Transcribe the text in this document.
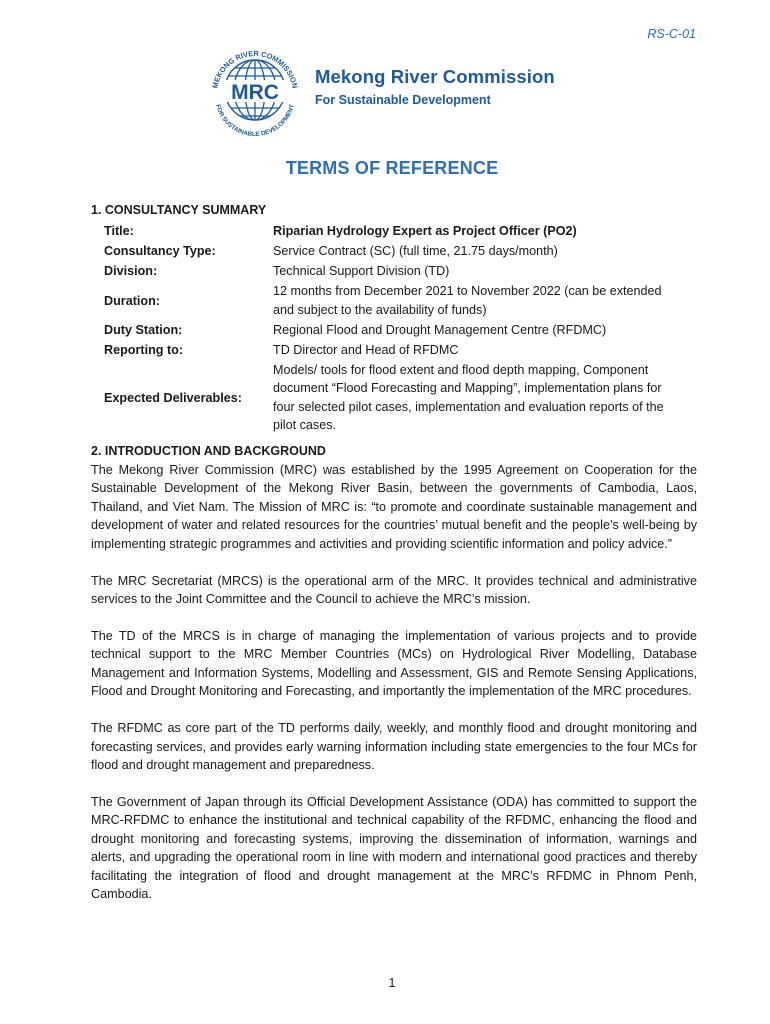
RS-C-01
MRC
MEKONG RIVER COMMISSION
FOR SUSTAINABLE DEVELOPMENT
Mekong River Commission
For Sustainable Development
TERMS OF REFERENCE
1. CONSULTANCY SUMMARY
Title:	Riparian Hydrology Expert as Project Officer (PO2)
Consultancy Type:	Service Contract (SC) (full time, 21.75 days/month)
Division:	Technical Support Division (TD)
Duration:
12 months from December 2021 to November 2022 (can be extended and subject to the availability of funds)
Duty Station:	Regional Flood and Drought Management Centre (RFDMC)
Reporting to:	TD Director and Head of RFDMC
Expected Deliverables:
Models/ tools for flood extent and flood depth mapping, Component document “Flood Forecasting and Mapping”, implementation plans for four selected pilot cases, implementation and evaluation reports of the pilot cases.
2. INTRODUCTION AND BACKGROUND

The Mekong River Commission (MRC) was established by the 1995 Agreement on Cooperation for the Sustainable Development of the Mekong River Basin, between the governments of Cambodia, Laos, Thailand, and Viet Nam. The Mission of MRC is: “to promote and coordinate sustainable management and development of water and related resources for the countries’ mutual benefit and the people’s well-being by implementing strategic programmes and activities and providing scientific information and policy advice.”

The MRC Secretariat (MRCS) is the operational arm of the MRC. It provides technical and administrative services to the Joint Committee and the Council to achieve the MRC’s mission.

The TD of the MRCS is in charge of managing the implementation of various projects and to provide technical support to the MRC Member Countries (MCs) on Hydrological River Modelling, Database Management and Information Systems, Modelling and Assessment, GIS and Remote Sensing Applications, Flood and Drought Monitoring and Forecasting, and importantly the implementation of the MRC procedures.

The RFDMC as core part of the TD performs daily, weekly, and monthly flood and drought monitoring and forecasting services, and provides early warning information including state emergencies to the four MCs for flood and drought management and preparedness.

The Government of Japan through its Official Development Assistance (ODA) has committed to support the MRC-RFDMC to enhance the institutional and technical capability of the RFDMC, enhancing the flood and drought monitoring and forecasting systems, improving the dissemination of information, warnings and alerts, and upgrading the operational room in line with modern and international good practices and thereby facilitating the integration of flood and drought management at the MRC’s RFDMC in Phnom Penh, Cambodia.

1
